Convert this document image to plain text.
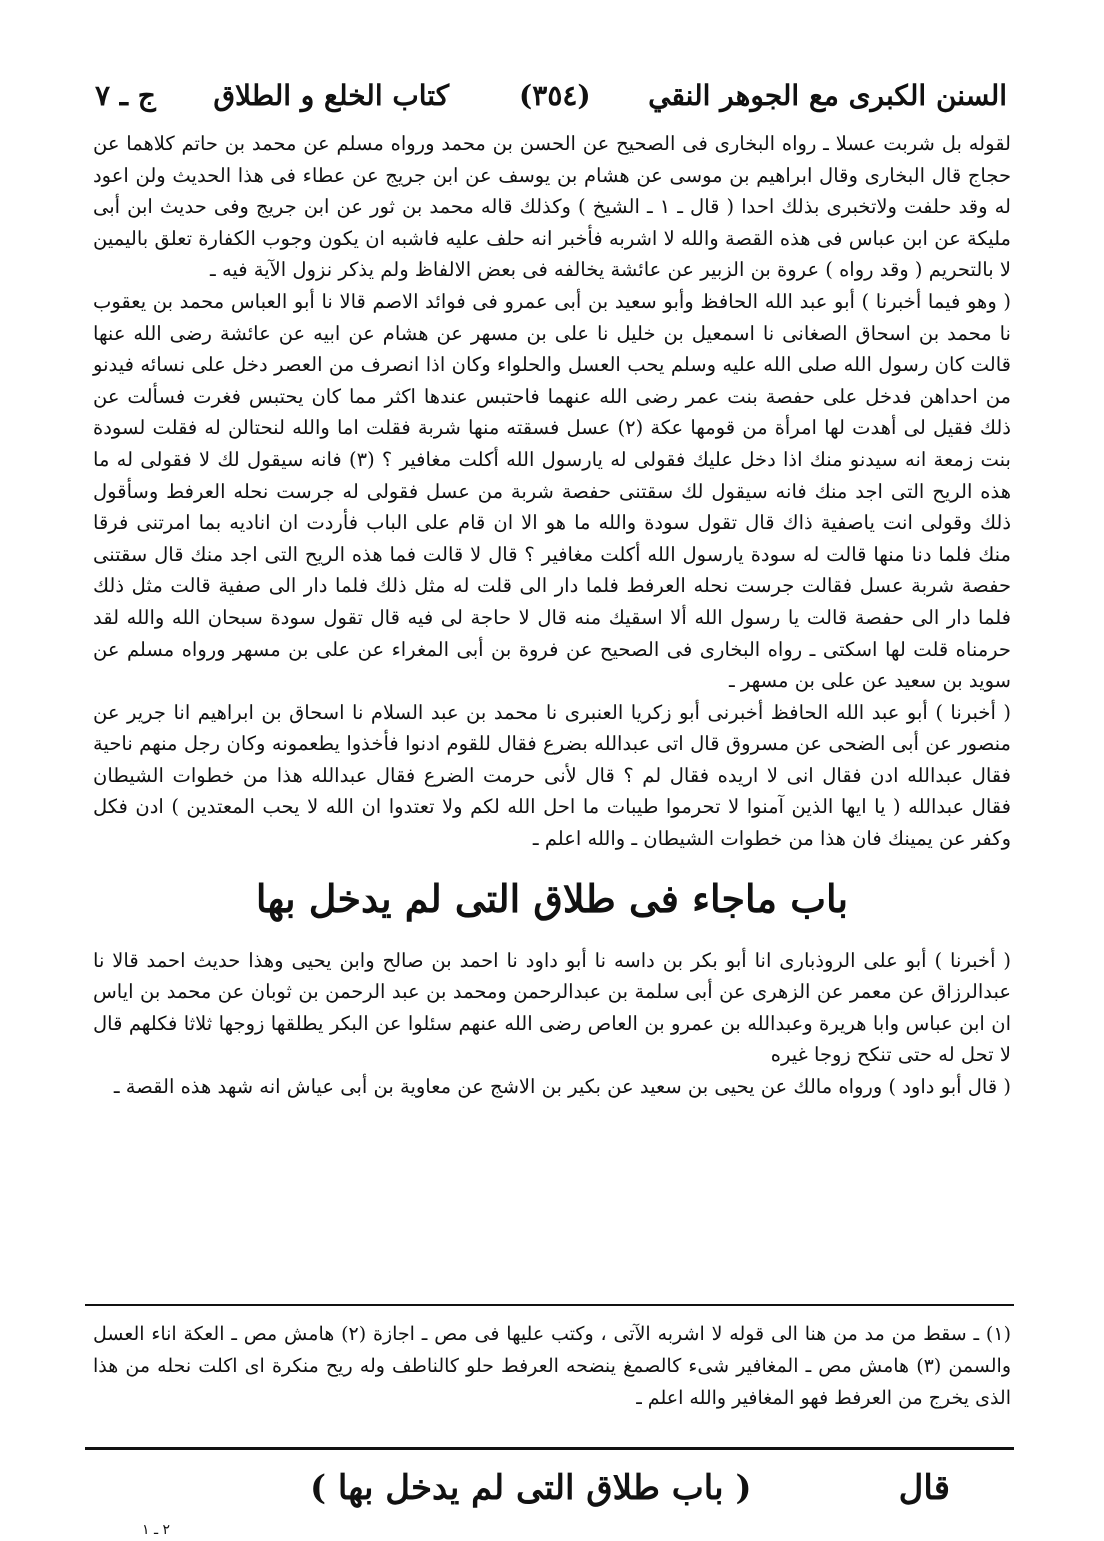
السنن الكبرى مع الجوهر النقي
(٣٥٤)
كتاب الخلع و الطلاق
ج ـ ٧

لقوله بل شربت عسلا ـ رواه البخارى فى الصحيح عن الحسن بن محمد ورواه مسلم عن محمد بن حاتم كلاهما عن حجاج قال البخارى وقال ابراهيم بن موسى عن هشام بن يوسف عن ابن جريج عن عطاء فى هذا الحديث ولن اعود له وقد حلفت ولاتخبرى بذلك احدا ( قال ـ ١ ـ الشيخ ) وكذلك قاله محمد بن ثور عن ابن جريج وفى حديث ابن أبى مليكة عن ابن عباس فى هذه القصة والله لا اشربه فأخبر انه حلف عليه فاشبه ان يكون وجوب الكفارة تعلق باليمين لا بالتحريم ( وقد رواه ) عروة بن الزبير عن عائشة يخالفه فى بعض الالفاظ ولم يذكر نزول الآية فيه ـ

( وهو فيما أخبرنا ) أبو عبد الله الحافظ وأبو سعيد بن أبى عمرو فى فوائد الاصم قالا نا أبو العباس محمد بن يعقوب نا محمد بن اسحاق الصغانى نا اسمعيل بن خليل نا على بن مسهر عن هشام عن ابيه عن عائشة رضى الله عنها قالت كان رسول الله صلى الله عليه وسلم يحب العسل والحلواء وكان اذا انصرف من العصر دخل على نسائه فيدنو من احداهن فدخل على حفصة بنت عمر رضى الله عنهما فاحتبس عندها اكثر مما كان يحتبس فغرت فسألت عن ذلك فقيل لى أهدت لها امرأة من قومها عكة (٢) عسل فسقته منها شربة فقلت اما والله لنحتالن له فقلت لسودة بنت زمعة انه سيدنو منك اذا دخل عليك فقولى له يارسول الله أكلت مغافير ؟ (٣) فانه سيقول لك لا فقولى له ما هذه الريح التى اجد منك فانه سيقول لك سقتنى حفصة شربة من عسل فقولى له جرست نحله العرفط وسأقول ذلك وقولى انت ياصفية ذاك قال تقول سودة والله ما هو الا ان قام على الباب فأردت ان اناديه بما امرتنى فرقا منك فلما دنا منها قالت له سودة يارسول الله أكلت مغافير ؟ قال لا قالت فما هذه الريح التى اجد منك قال سقتنى حفصة شربة عسل فقالت جرست نحله العرفط فلما دار الى قلت له مثل ذلك فلما دار الى صفية قالت مثل ذلك فلما دار الى حفصة قالت يا رسول الله ألا اسقيك منه قال لا حاجة لى فيه قال تقول سودة سبحان الله والله لقد حرمناه قلت لها اسكتى ـ رواه البخارى فى الصحيح عن فروة بن أبى المغراء عن على بن مسهر ورواه مسلم عن سويد بن سعيد عن على بن مسهر ـ

( أخبرنا ) أبو عبد الله الحافظ أخبرنى أبو زكريا العنبرى نا محمد بن عبد السلام نا اسحاق بن ابراهيم انا جرير عن منصور عن أبى الضحى عن مسروق قال اتى عبدالله بضرع فقال للقوم ادنوا فأخذوا يطعمونه وكان رجل منهم ناحية فقال عبدالله ادن فقال انى لا اريده فقال لم ؟ قال لأنى حرمت الضرع فقال عبدالله هذا من خطوات الشيطان فقال عبدالله ( يا ايها الذين آمنوا لا تحرموا طيبات ما احل الله لكم ولا تعتدوا ان الله لا يحب المعتدين ) ادن فكل وكفر عن يمينك فان هذا من خطوات الشيطان ـ والله اعلم ـ

باب ماجاء فى طلاق التى لم يدخل بها

( أخبرنا ) أبو على الروذبارى انا أبو بكر بن داسه نا أبو داود نا احمد بن صالح وابن يحيى وهذا حديث احمد قالا نا عبدالرزاق عن معمر عن الزهرى عن أبى سلمة بن عبدالرحمن ومحمد بن عبد الرحمن بن ثوبان عن محمد بن اياس ان ابن عباس وابا هريرة وعبدالله بن عمرو بن العاص رضى الله عنهم سئلوا عن البكر يطلقها زوجها ثلاثا فكلهم قال لا تحل له حتى تنكح زوجا غيره

( قال أبو داود ) ورواه مالك عن يحيى بن سعيد عن بكير بن الاشج عن معاوية بن أبى عياش انه شهد هذه القصة ـ

(١) ـ سقط من مد من هنا الى قوله لا اشربه الآتى ، وكتب عليها فى مص ـ اجازة (٢) هامش مص ـ العكة اناء العسل والسمن (٣) هامش مص ـ المغافير شىء كالصمغ ينضحه العرفط حلو كالناطف وله ريح منكرة اى اكلت نحله من هذا الذى يخرج من العرفط فهو المغافير والله اعلم ـ
قال
( باب طلاق التى لم يدخل بها )
٢ ـ ١
